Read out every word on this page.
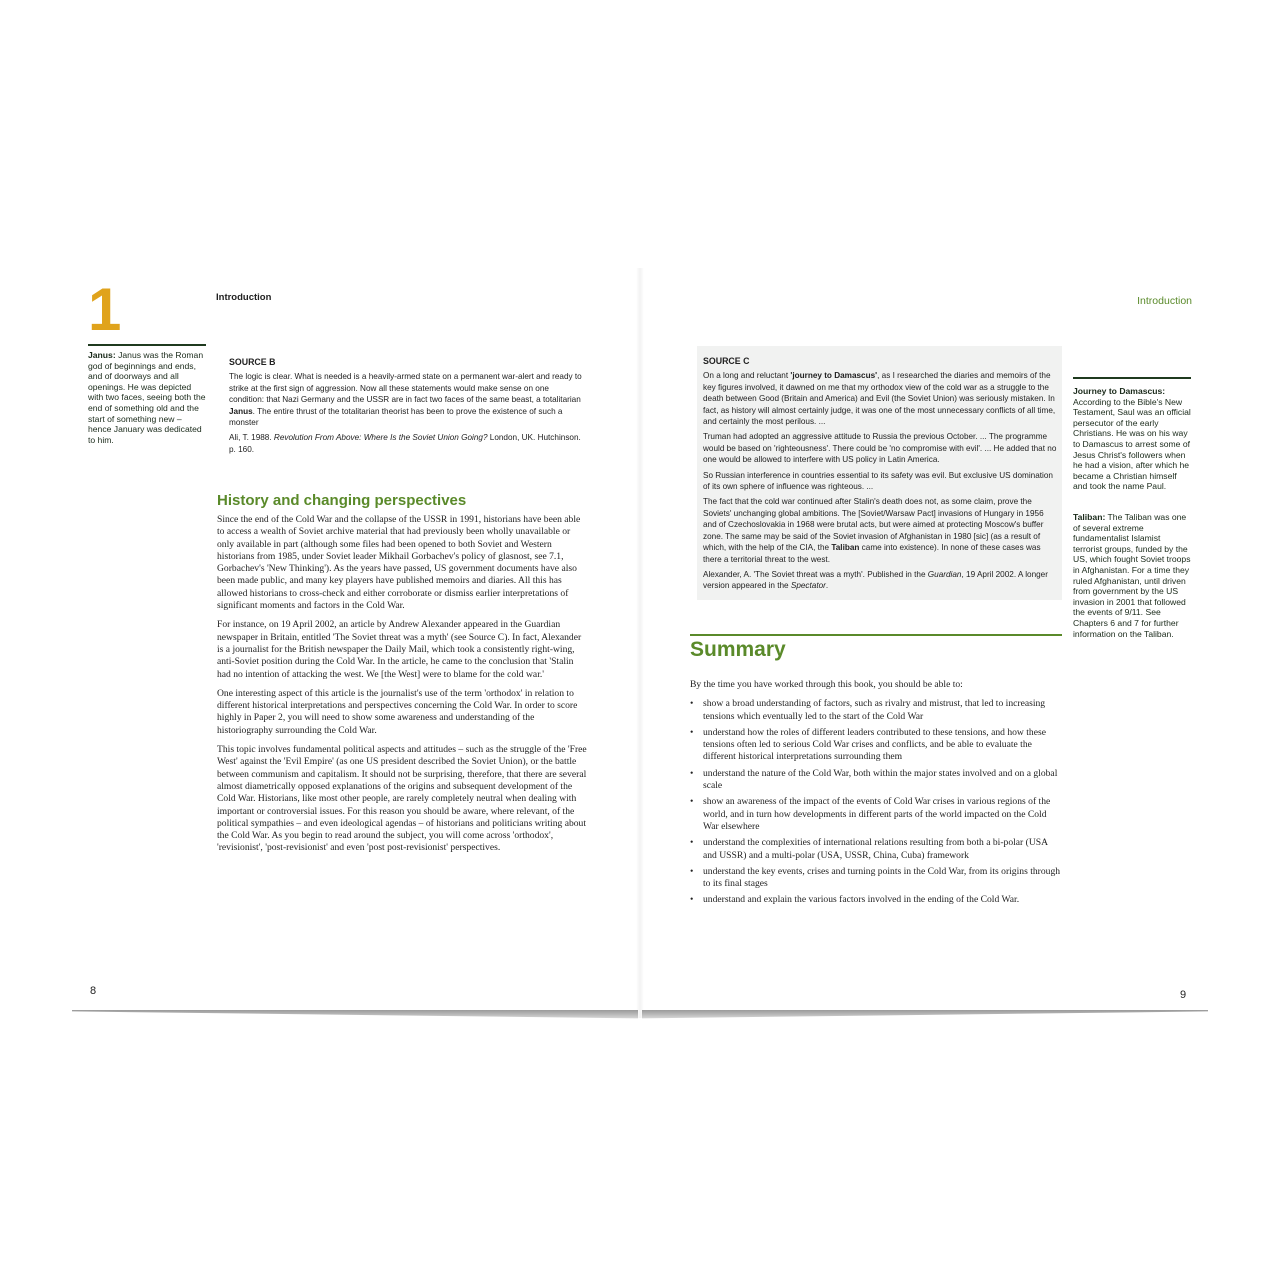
1	Introduction
Janus: Janus was the Roman god of beginnings and ends, and of doorways and all openings. He was depicted with two faces, seeing both the end of something old and the start of something new – hence January was dedicated to him.
SOURCE B

The logic is clear. What is needed is a heavily-armed state on a permanent war-alert and ready to strike at the first sign of aggression. Now all these statements would make sense on one condition: that Nazi Germany and the USSR are in fact two faces of the same beast, a totalitarian Janus. The entire thrust of the totalitarian theorist has been to prove the existence of such a monster

Ali, T. 1988. Revolution From Above: Where Is the Soviet Union Going? London, UK. Hutchinson. p. 160.

History and changing perspectives

Since the end of the Cold War and the collapse of the USSR in 1991, historians have been able to access a wealth of Soviet archive material that had previously been wholly unavailable or only available in part (although some files had been opened to both Soviet and Western historians from 1985, under Soviet leader Mikhail Gorbachev's policy of glasnost, see 7.1, Gorbachev's 'New Thinking'). As the years have passed, US government documents have also been made public, and many key players have published memoirs and diaries. All this has allowed historians to cross-check and either corroborate or dismiss earlier interpretations of significant moments and factors in the Cold War.

For instance, on 19 April 2002, an article by Andrew Alexander appeared in the Guardian newspaper in Britain, entitled 'The Soviet threat was a myth' (see Source C). In fact, Alexander is a journalist for the British newspaper the Daily Mail, which took a consistently right-wing, anti-Soviet position during the Cold War. In the article, he came to the conclusion that 'Stalin had no intention of attacking the west. We [the West] were to blame for the cold war.'

One interesting aspect of this article is the journalist's use of the term 'orthodox' in relation to different historical interpretations and perspectives concerning the Cold War. In order to score highly in Paper 2, you will need to show some awareness and understanding of the historiography surrounding the Cold War.

This topic involves fundamental political aspects and attitudes – such as the struggle of the 'Free West' against the 'Evil Empire' (as one US president described the Soviet Union), or the battle between communism and capitalism. It should not be surprising, therefore, that there are several almost diametrically opposed explanations of the origins and subsequent development of the Cold War. Historians, like most other people, are rarely completely neutral when dealing with important or controversial issues. For this reason you should be aware, where relevant, of the political sympathies – and even ideological agendas – of historians and politicians writing about the Cold War. As you begin to read around the subject, you will come across 'orthodox', 'revisionist', 'post-revisionist' and even 'post post-revisionist' perspectives.

8
Introduction
SOURCE C

On a long and reluctant 'journey to Damascus', as I researched the diaries and memoirs of the key figures involved, it dawned on me that my orthodox view of the cold war as a struggle to the death between Good (Britain and America) and Evil (the Soviet Union) was seriously mistaken. In fact, as history will almost certainly judge, it was one of the most unnecessary conflicts of all time, and certainly the most perilous. ...

Truman had adopted an aggressive attitude to Russia the previous October. ... The programme would be based on 'righteousness'. There could be 'no compromise with evil'. ... He added that no one would be allowed to interfere with US policy in Latin America.

So Russian interference in countries essential to its safety was evil. But exclusive US domination of its own sphere of influence was righteous. ...

The fact that the cold war continued after Stalin's death does not, as some claim, prove the Soviets' unchanging global ambitions. The [Soviet/Warsaw Pact] invasions of Hungary in 1956 and of Czechoslovakia in 1968 were brutal acts, but were aimed at protecting Moscow's buffer zone. The same may be said of the Soviet invasion of Afghanistan in 1980 [sic] (as a result of which, with the help of the CIA, the Taliban came into existence). In none of these cases was there a territorial threat to the west.

Alexander, A. 'The Soviet threat was a myth'. Published in the Guardian, 19 April 2002. A longer version appeared in the Spectator.

Journey to Damascus: According to the Bible's New Testament, Saul was an official persecutor of the early Christians. He was on his way to Damascus to arrest some of Jesus Christ's followers when he had a vision, after which he became a Christian himself and took the name Paul.
Taliban: The Taliban was one of several extreme fundamentalist Islamist terrorist groups, funded by the US, which fought Soviet troops in Afghanistan. For a time they ruled Afghanistan, until driven from government by the US invasion in 2001 that followed the events of 9/11. See Chapters 6 and 7 for further information on the Taliban.
Summary

By the time you have worked through this book, you should be able to:

• show a broad understanding of factors, such as rivalry and mistrust, that led to increasing tensions which eventually led to the start of the Cold War
• understand how the roles of different leaders contributed to these tensions, and how these tensions often led to serious Cold War crises and conflicts, and be able to evaluate the different historical interpretations surrounding them
• understand the nature of the Cold War, both within the major states involved and on a global scale
• show an awareness of the impact of the events of Cold War crises in various regions of the world, and in turn how developments in different parts of the world impacted on the Cold War elsewhere
• understand the complexities of international relations resulting from both a bi-polar (USA and USSR) and a multi-polar (USA, USSR, China, Cuba) framework
• understand the key events, crises and turning points in the Cold War, from its origins through to its final stages
• understand and explain the various factors involved in the ending of the Cold War.
9
